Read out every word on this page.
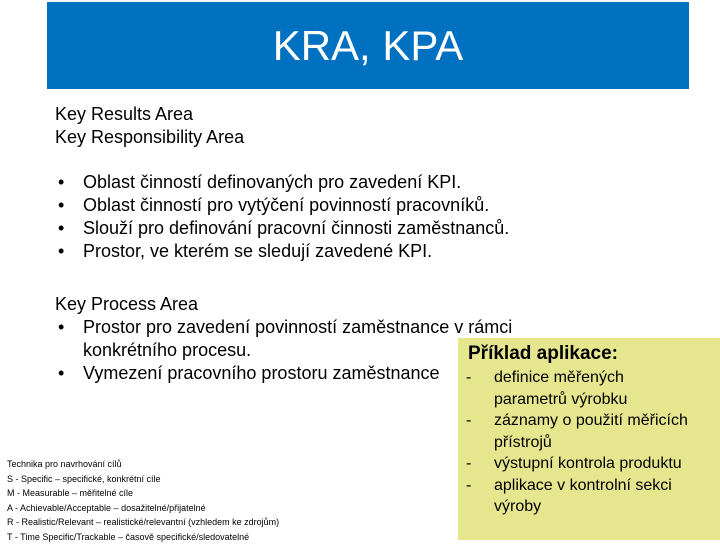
KRA, KPA
Key Results Area
Key Responsibility Area
• Oblast činností definovaných pro zavedení KPI.
• Oblast činností pro vytýčení povinností pracovníků.
• Slouží pro definování pracovní činnosti zaměstnanců.
• Prostor, ve kterém se sledují zavedené KPI.
Key Process Area
• Prostor pro zavedení povinností zaměstnance v rámci
konkrétního procesu.
• Vymezení pracovního prostoru zaměstnance
Technika pro navrhování cílů
S - Specific – specifické, konkrétní cíle
M - Measurable – měřitelné cíle
A - Achievable/Acceptable – dosažitelné/přijatelné
R - Realistic/Relevant – realistické/relevantní (vzhledem ke zdrojům)
T - Time Specific/Trackable – časově specifické/sledovatelné
Příklad aplikace:
- definice měřených
parametrů výrobku
- záznamy o použití měřicích
přístrojů
- výstupní kontrola produktu
- aplikace v kontrolní sekci
výroby
